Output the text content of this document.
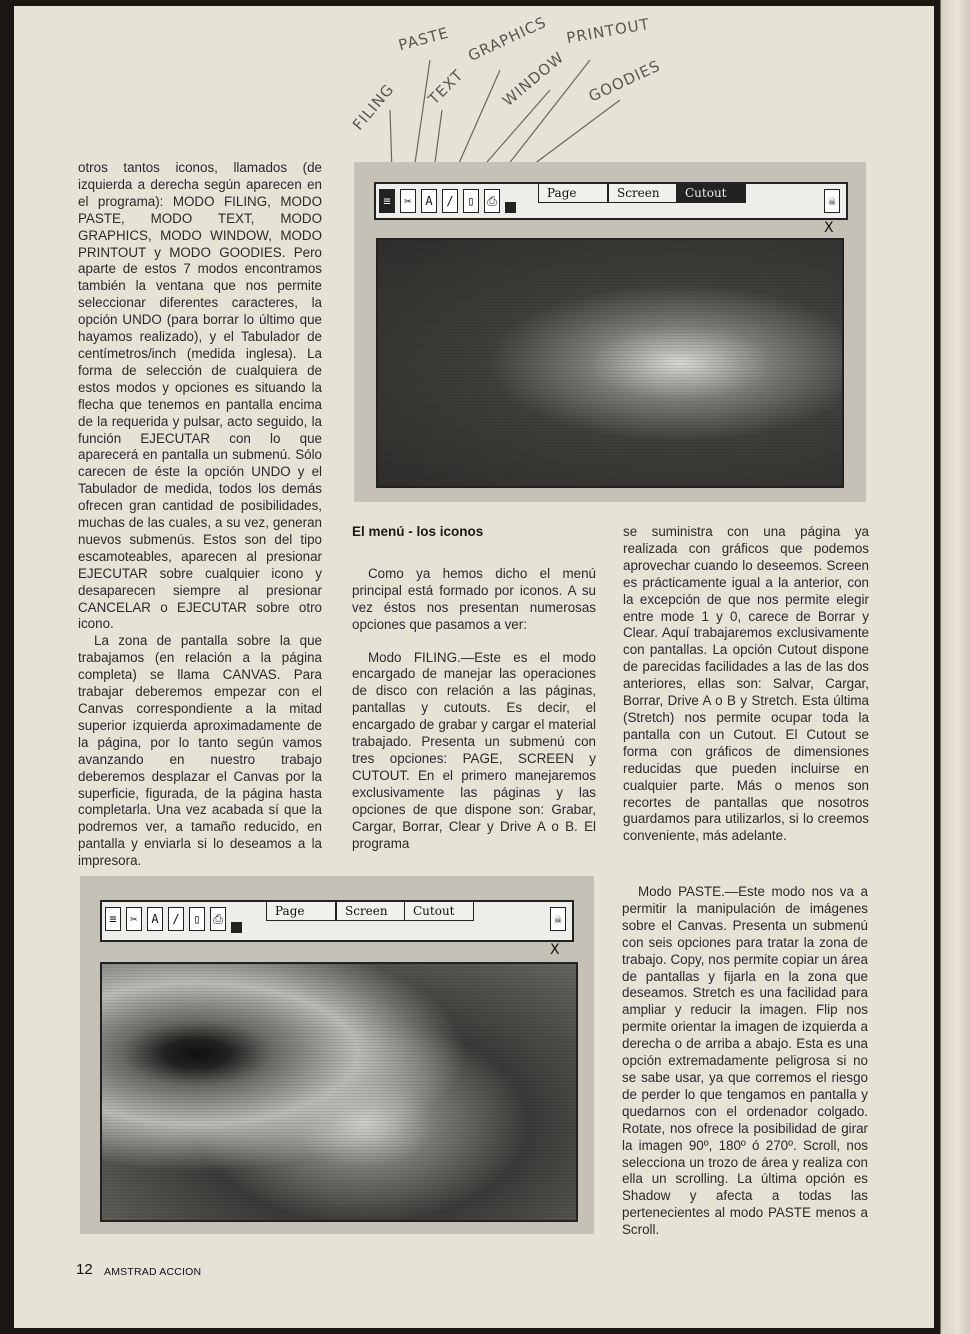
FILING
PASTE
TEXT
GRAPHICS
WINDOW
PRINTOUT
GOODIES

otros tantos iconos, llamados (de izquierda a derecha según aparecen en el programa): MODO FILING, MODO PASTE, MODO TEXT, MODO GRAPHICS, MODO WINDOW, MODO PRINTOUT y MODO GOODIES. Pero aparte de estos 7 modos encontramos también la ventana que nos permite seleccionar diferentes caracteres, la opción UNDO (para borrar lo último que hayamos realizado), y el Tabulador de centímetros/inch (medida inglesa). La forma de selección de cualquiera de estos modos y opciones es situando la flecha que tenemos en pantalla encima de la requerida y pulsar, acto seguido, la función EJECUTAR con lo que aparecerá en pantalla un submenú. Sólo carecen de éste la opción UNDO y el Tabulador de medida, todos los demás ofrecen gran cantidad de posibilidades, muchas de las cuales, a su vez, generan nuevos submenús. Estos son del tipo escamoteables, aparecen al presionar EJECUTAR sobre cualquier icono y desaparecen siempre al presionar CANCELAR o EJECUTAR sobre otro icono.

La zona de pantalla sobre la que trabajamos (en relación a la página completa) se llama CANVAS. Para trabajar deberemos empezar con el Canvas correspondiente a la mitad superior izquierda aproximadamente de la página, por lo tanto según vamos avanzando en nuestro trabajo deberemos desplazar el Canvas por la superficie, figurada, de la página hasta completarla. Una vez acabada sí que la podremos ver, a tamaño reducido, en pantalla y enviarla si lo deseamos a la impresora.

≡	✂	A	/	▯	⎙
Page	Screen	Cutout
☠
X

El menú - los iconos

Como ya hemos dicho el menú principal está formado por iconos. A su vez éstos nos presentan numerosas opciones que pasamos a ver:

Modo FILING.—Este es el modo encargado de manejar las operaciones de disco con relación a las páginas, pantallas y cutouts. Es decir, el encargado de grabar y cargar el material trabajado. Presenta un submenú con tres opciones: PAGE, SCREEN y CUTOUT. En el primero manejaremos exclusivamente las páginas y las opciones de que dispone son: Grabar, Cargar, Borrar, Clear y Drive A o B. El programa

se suministra con una página ya realizada con gráficos que podemos aprovechar cuando lo deseemos. Screen es prácticamente igual a la anterior, con la excepción de que nos permite elegir entre mode 1 y 0, carece de Borrar y Clear. Aquí trabajaremos exclusivamente con pantallas. La opción Cutout dispone de parecidas facilidades a las de las dos anteriores, ellas son: Salvar, Cargar, Borrar, Drive A o B y Stretch. Esta última (Stretch) nos permite ocupar toda la pantalla con un Cutout. El Cutout se forma con gráficos de dimensiones reducidas que pueden incluirse en cualquier parte. Más o menos son recortes de pantallas que nosotros guardamos para utilizarlos, si lo creemos conveniente, más adelante.

≡	✂	A	/	▯	⎙
Page	Screen	Cutout
☠
X

Modo PASTE.—Este modo nos va a permitir la manipulación de imágenes sobre el Canvas. Presenta un submenú con seis opciones para tratar la zona de trabajo. Copy, nos permite copiar un área de pantallas y fijarla en la zona que deseamos. Stretch es una facilidad para ampliar y reducir la imagen. Flip nos permite orientar la imagen de izquierda a derecha o de arriba a abajo. Esta es una opción extremadamente peligrosa si no se sabe usar, ya que corremos el riesgo de perder lo que tengamos en pantalla y quedarnos con el ordenador colgado. Rotate, nos ofrece la posibilidad de girar la imagen 90º, 180º ó 270º. Scroll, nos selecciona un trozo de área y realiza con ella un scrolling. La última opción es Shadow y afecta a todas las pertenecientes al modo PASTE menos a Scroll.

12 AMSTRAD ACCION
